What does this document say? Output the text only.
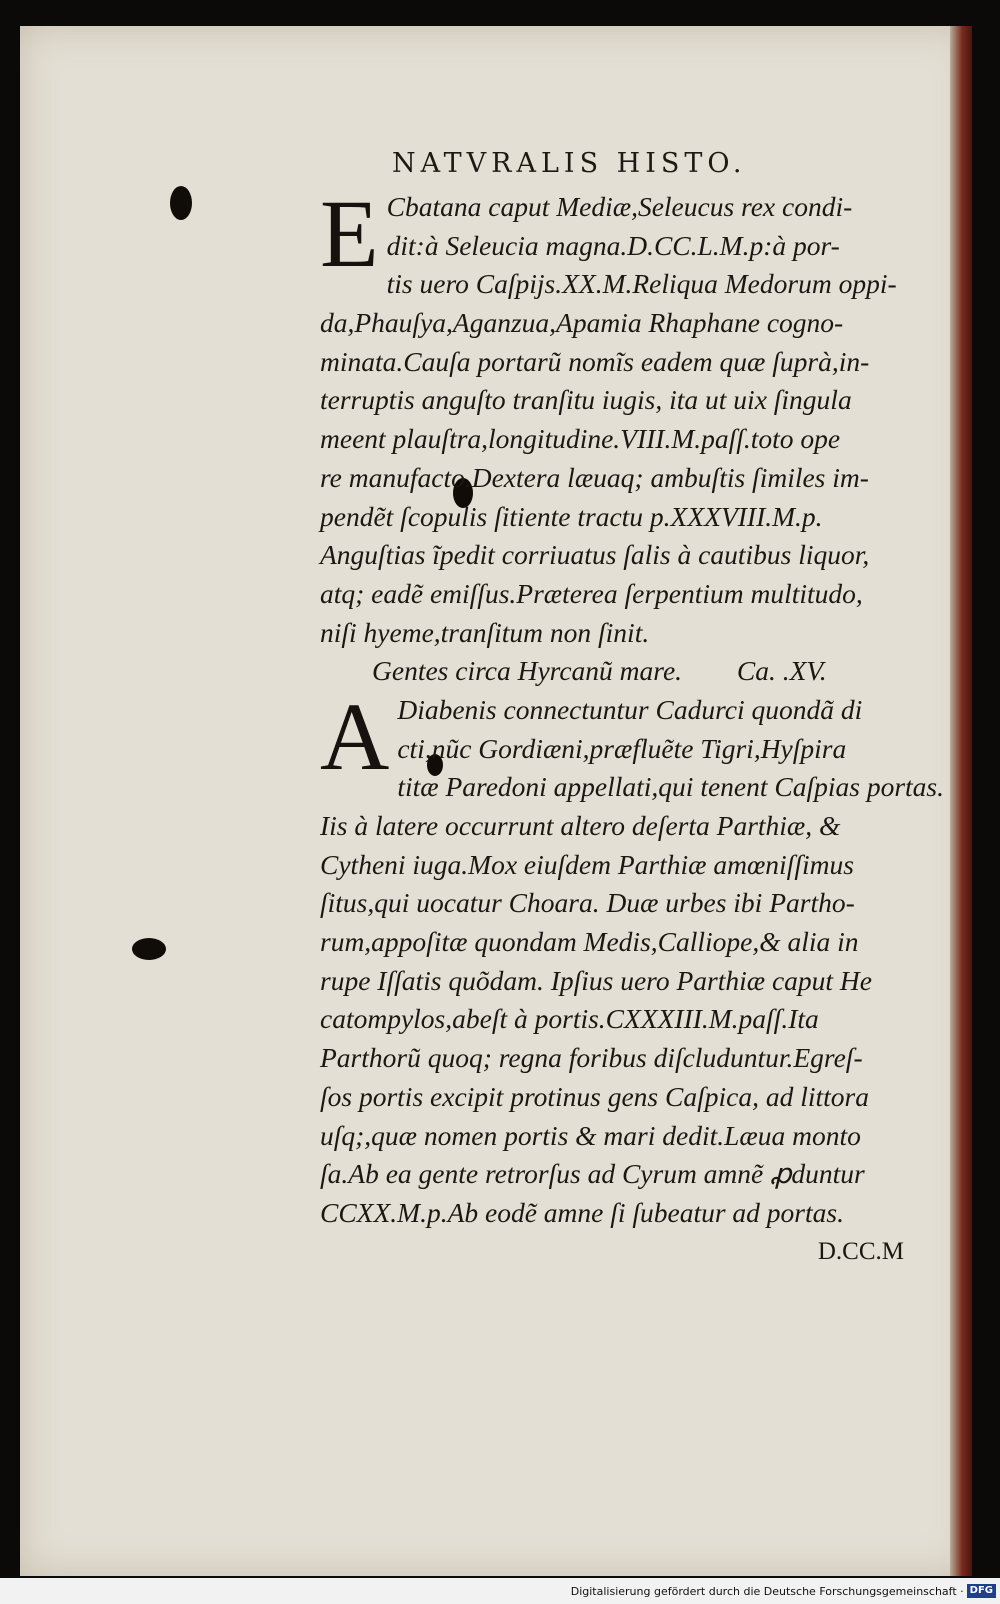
NATVRALIS HISTO.
E Cbatana caput Mediæ,Seleucus rex condi-
dit:à Seleucia magna.D.CC.L.M.p:à por-
tis uero Caſpijs.XX.M.Reliqua Medorum oppi-
da,Phauſya,Aganzua,Apamia Rhaphane cogno-
minata.Cauſa portarũ nomĩs eadem quæ ſuprà,in-
terruptis anguſto tranſitu iugis, ita ut uix ſingula
meent plauſtra,longitudine.VIII.M.paſſ.toto ope
re manufacto.Dextera læuaq; ambuſtis ſimiles im-
pendẽt ſcopulis ſitiente tractu p.XXXVIII.M.p.
Anguſtias ĩpedit corriuatus ſalis à cautibus liquor,
atq; eadẽ emiſſus.Præterea ſerpentium multitudo,
niſi hyeme,tranſitum non ſinit.
Gentes circa Hyrcanũ mare. Ca. .XV.
A Diabenis connectuntur Cadurci quondã di
cti,nũc Gordiæni,præfluẽte Tigri,Hyſpira
titæ Paredoni appellati,qui tenent Caſpias portas.
Iis à latere occurrunt altero deſerta Parthiæ, &
Cytheni iuga.Mox eiuſdem Parthiæ amœniſſimus
ſitus,qui uocatur Choara. Duæ urbes ibi Partho-
rum,appoſitæ quondam Medis,Calliope,& alia in
rupe Iſſatis quõdam. Ipſius uero Parthiæ caput He
catompylos,abeſt à portis.CXXXIII.M.paſſ.Ita
Parthorũ quoq; regna foribus diſcluduntur.Egreſ-
ſos portis excipit protinus gens Caſpica, ad littora
uſq;,quæ nomen portis & mari dedit.Læua monto
ſa.Ab ea gente retrorſus ad Cyrum amnẽ ꝓduntur
CCXX.M.p.Ab eodẽ amne ſi ſubeatur ad portas.
D.CC.M
Digitalisierung gefördert durch die Deutsche Forschungsgemeinschaft · DFG
